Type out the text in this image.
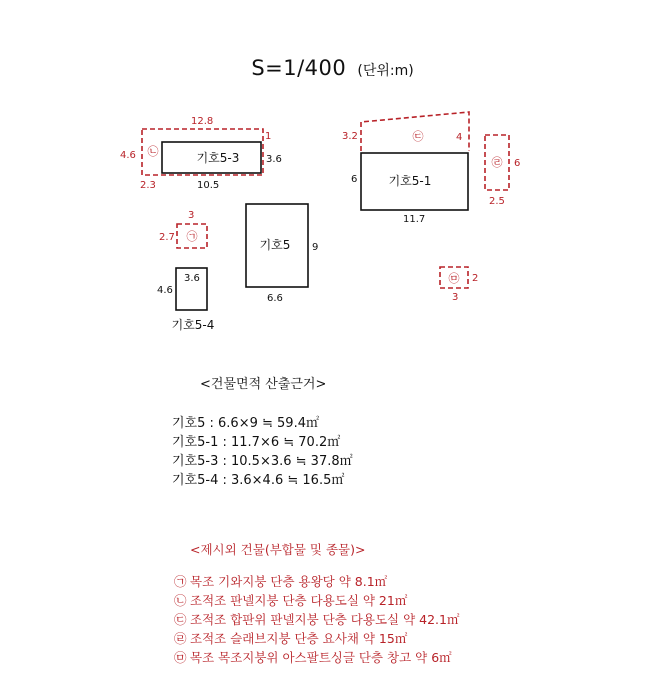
S=1/400 (단위:m)
기호5-3
기호5-1
기호5
기호5-4
3.6
10.5
6
11.7
9
6.6
3.6
4.6
12.8
1
4.6
2.3
3.2	4
6
2.5
3
2.7
2
3
㉡
㉢
㉣
㉠
㉤
<건물면적 산출근거>
기호5 : 6.6×9 ≒ 59.4㎡
기호5-1 : 11.7×6 ≒ 70.2㎡
기호5-3 : 10.5×3.6 ≒ 37.8㎡
기호5-4 : 3.6×4.6 ≒ 16.5㎡
<제시외 건물(부합물 및 종물)>
㉠ 목조 기와지붕 단층 용왕당 약 8.1㎡
㉡ 조적조 판넬지붕 단층 다용도실 약 21㎡
㉢ 조적조 합판위 판넬지붕 단층 다용도실 약 42.1㎡
㉣ 조적조 슬래브지붕 단층 요사채 약 15㎡
㉤ 목조 목조지붕위 아스팔트싱글 단층 창고 약 6㎡
